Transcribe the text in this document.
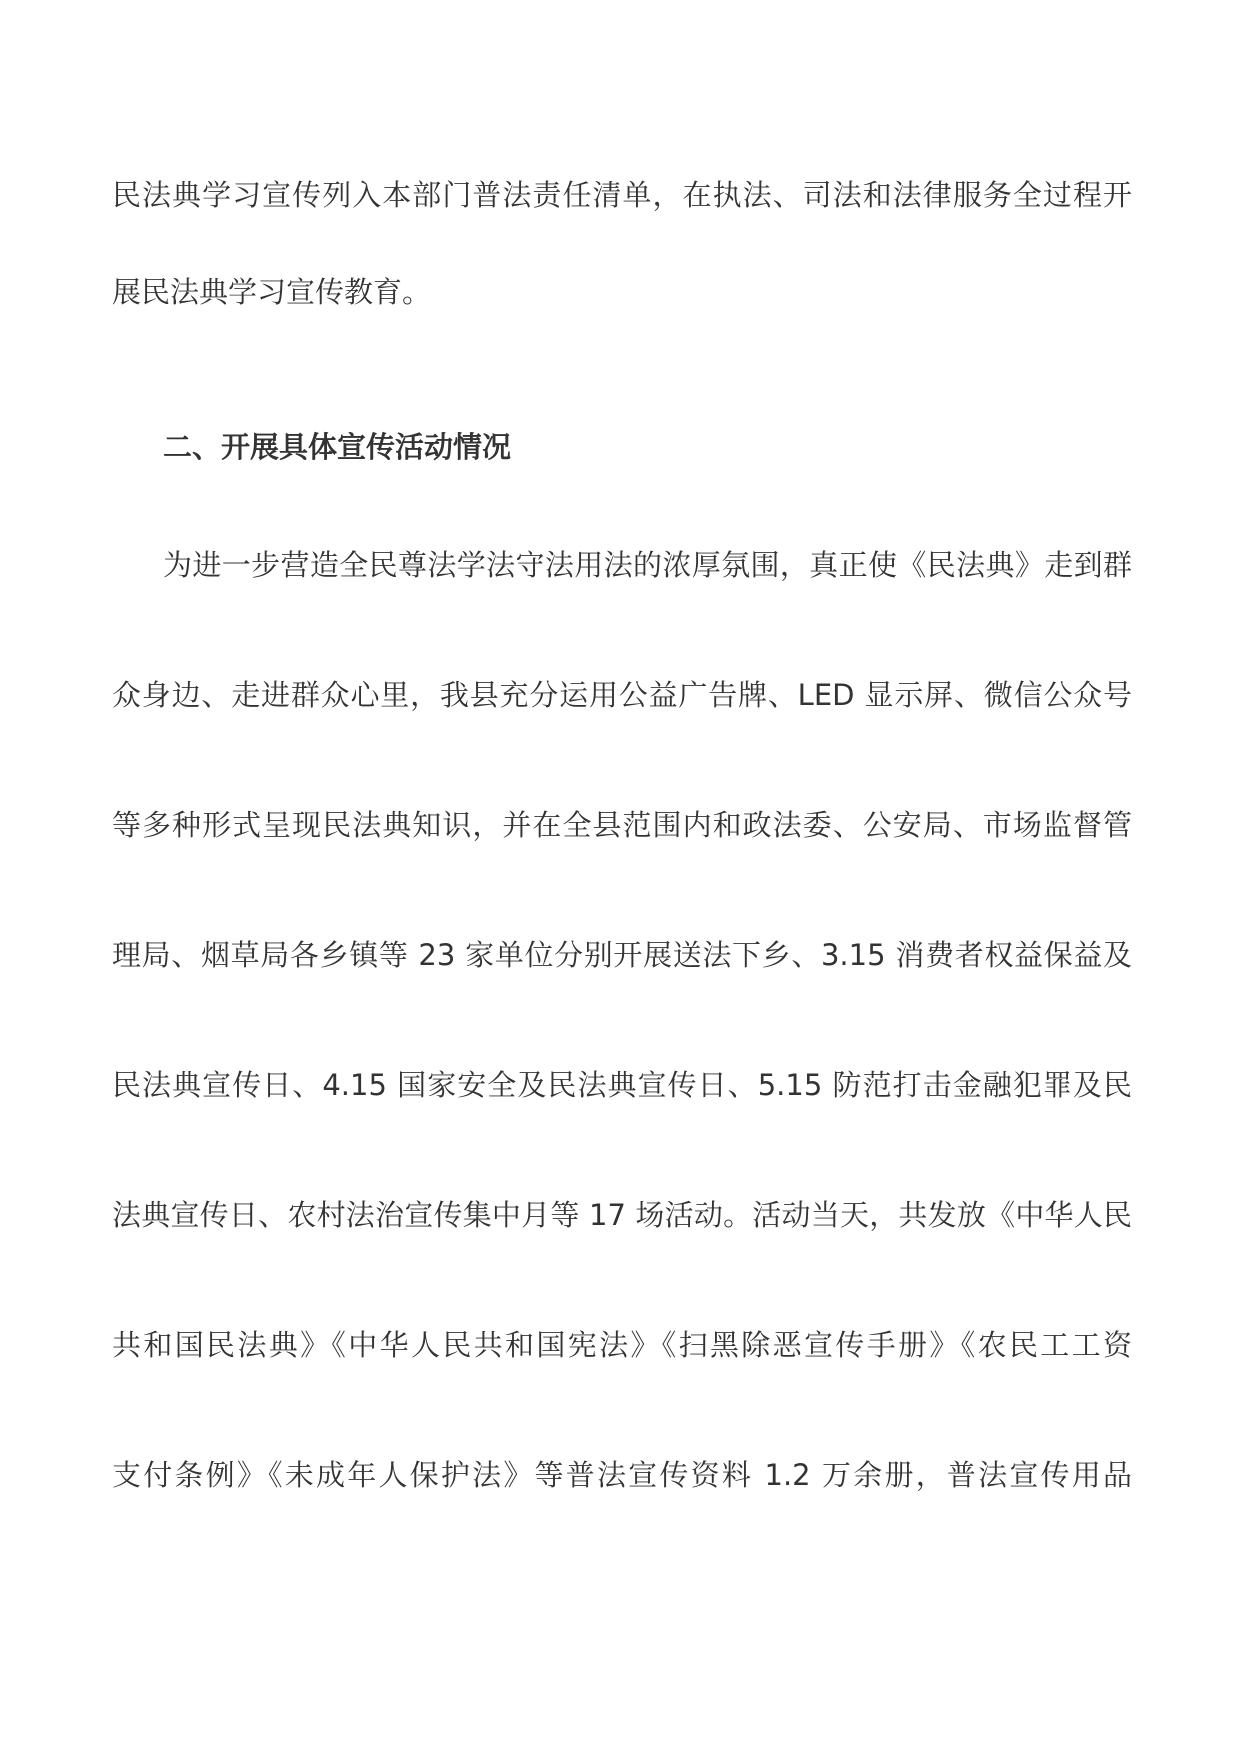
民法典学习宣传列入本部门普法责任清单，在执法、司法和法律服务全过程开
展民法典学习宣传教育。
二、开展具体宣传活动情况
为进一步营造全民尊法学法守法用法的浓厚氛围，真正使《民法典》走到群
众身边、走进群众心里，我县充分运用公益广告牌、LED 显示屏、微信公众号
等多种形式呈现民法典知识，并在全县范围内和政法委、公安局、市场监督管
理局、烟草局各乡镇等 23 家单位分别开展送法下乡、3.15 消费者权益保益及
民法典宣传日、4.15 国家安全及民法典宣传日、5.15 防范打击金融犯罪及民
法典宣传日、农村法治宣传集中月等 17 场活动。活动当天，共发放《中华人民
共和国民法典》《中华人民共和国宪法》《扫黑除恶宣传手册》《农民工工资
支付条例》《未成年人保护法》等普法宣传资料 1.2 万余册，普法宣传用品
